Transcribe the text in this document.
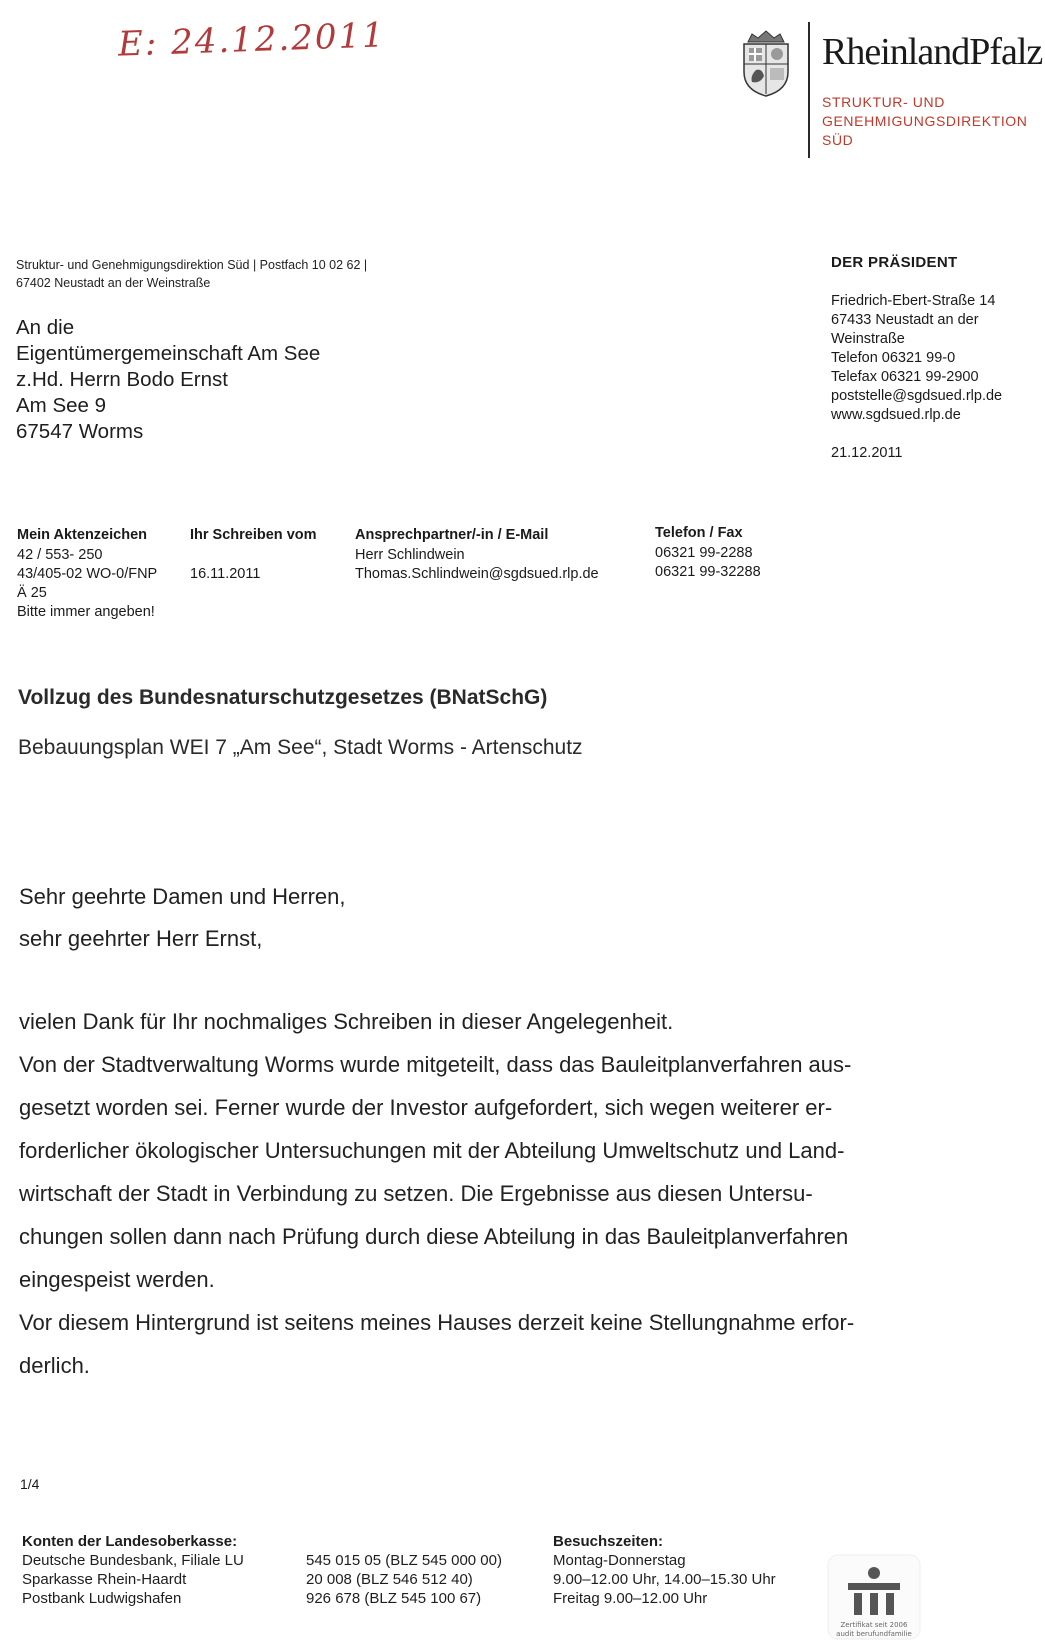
E: 24.12.2011	RheinlandPfalz
STRUKTUR- UND
GENEHMIGUNGSDIREKTION
SÜD
Struktur- und Genehmigungsdirektion Süd | Postfach 10 02 62 |
67402 Neustadt an der Weinstraße
An die
Eigentümergemeinschaft Am See
z.Hd. Herrn Bodo Ernst
Am See 9
67547 Worms
DER PRÄSIDENT
Friedrich-Ebert-Straße 14
67433 Neustadt an der
Weinstraße
Telefon 06321 99-0
Telefax 06321 99-2900
poststelle@sgdsued.rlp.de
www.sgdsued.rlp.de
21.12.2011
Mein Aktenzeichen
42 / 553- 250
43/405-02 WO-0/FNP
Ä 25
Bitte immer angeben!
Ihr Schreiben vom
16.11.2011
Ansprechpartner/-in / E-Mail
Herr Schlindwein
Thomas.Schlindwein@sgdsued.rlp.de
Telefon / Fax
06321 99-2288
06321 99-32288
Vollzug des Bundesnaturschutzgesetzes (BNatSchG)
Bebauungsplan WEI 7 „Am See“, Stadt Worms - Artenschutz
Sehr geehrte Damen und Herren,
sehr geehrter Herr Ernst,
vielen Dank für Ihr nochmaliges Schreiben in dieser Angelegenheit.
Von der Stadtverwaltung Worms wurde mitgeteilt, dass das Bauleitplanverfahren aus-
gesetzt worden sei. Ferner wurde der Investor aufgefordert, sich wegen weiterer er-
forderlicher ökologischer Untersuchungen mit der Abteilung Umweltschutz und Land-
wirtschaft der Stadt in Verbindung zu setzen. Die Ergebnisse aus diesen Untersu-
chungen sollen dann nach Prüfung durch diese Abteilung in das Bauleitplanverfahren
eingespeist werden.
Vor diesem Hintergrund ist seitens meines Hauses derzeit keine Stellungnahme erfor-
derlich.
1/4
Konten der Landesoberkasse:
Deutsche Bundesbank, Filiale LU
Sparkasse Rhein-Haardt
Postbank Ludwigshafen
545 015 05 (BLZ 545 000 00)
20 008 (BLZ 546 512 40)
926 678 (BLZ 545 100 67)
Besuchszeiten:
Montag-Donnerstag
9.00–12.00 Uhr, 14.00–15.30 Uhr
Freitag 9.00–12.00 Uhr
Zertifikat seit 2006
audit berufundfamilie
